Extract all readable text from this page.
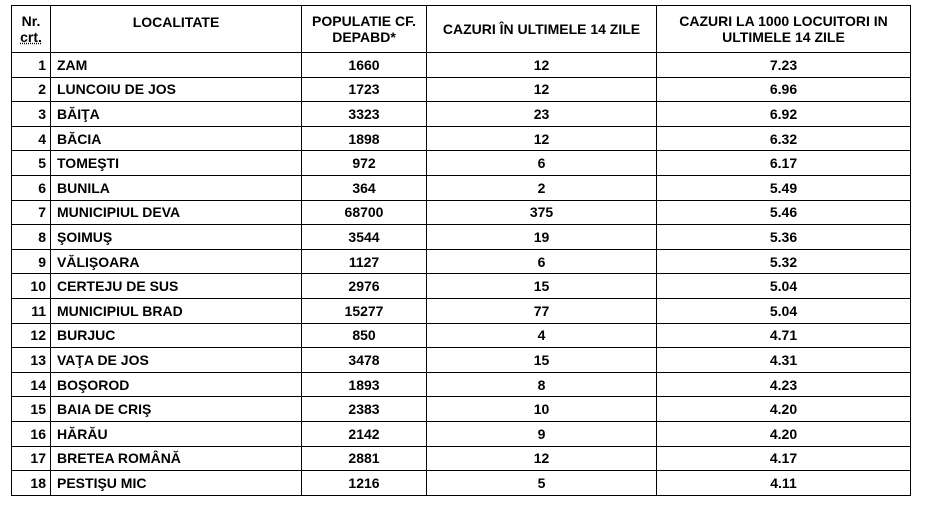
Nr.
crt.	LOCALITATE	POPULATIE CF. DEPABD*	CAZURI ÎN ULTIMELE 14 ZILE	CAZURI LA 1000 LOCUITORI IN ULTIMELE 14 ZILE
1	ZAM	1660	12	7.23
2	LUNCOIU DE JOS	1723	12	6.96
3	BĂIŢA	3323	23	6.92
4	BĂCIA	1898	12	6.32
5	TOMEŞTI	972	6	6.17
6	BUNILA	364	2	5.49
7	MUNICIPIUL DEVA	68700	375	5.46
8	ŞOIMUŞ	3544	19	5.36
9	VĂLIŞOARA	1127	6	5.32
10	CERTEJU DE SUS	2976	15	5.04
11	MUNICIPIUL BRAD	15277	77	5.04
12	BURJUC	850	4	4.71
13	VAŢA DE JOS	3478	15	4.31
14	BOŞOROD	1893	8	4.23
15	BAIA DE CRIŞ	2383	10	4.20
16	HĂRĂU	2142	9	4.20
17	BRETEA ROMÂNĂ	2881	12	4.17
18	PESTIŞU MIC	1216	5	4.11
